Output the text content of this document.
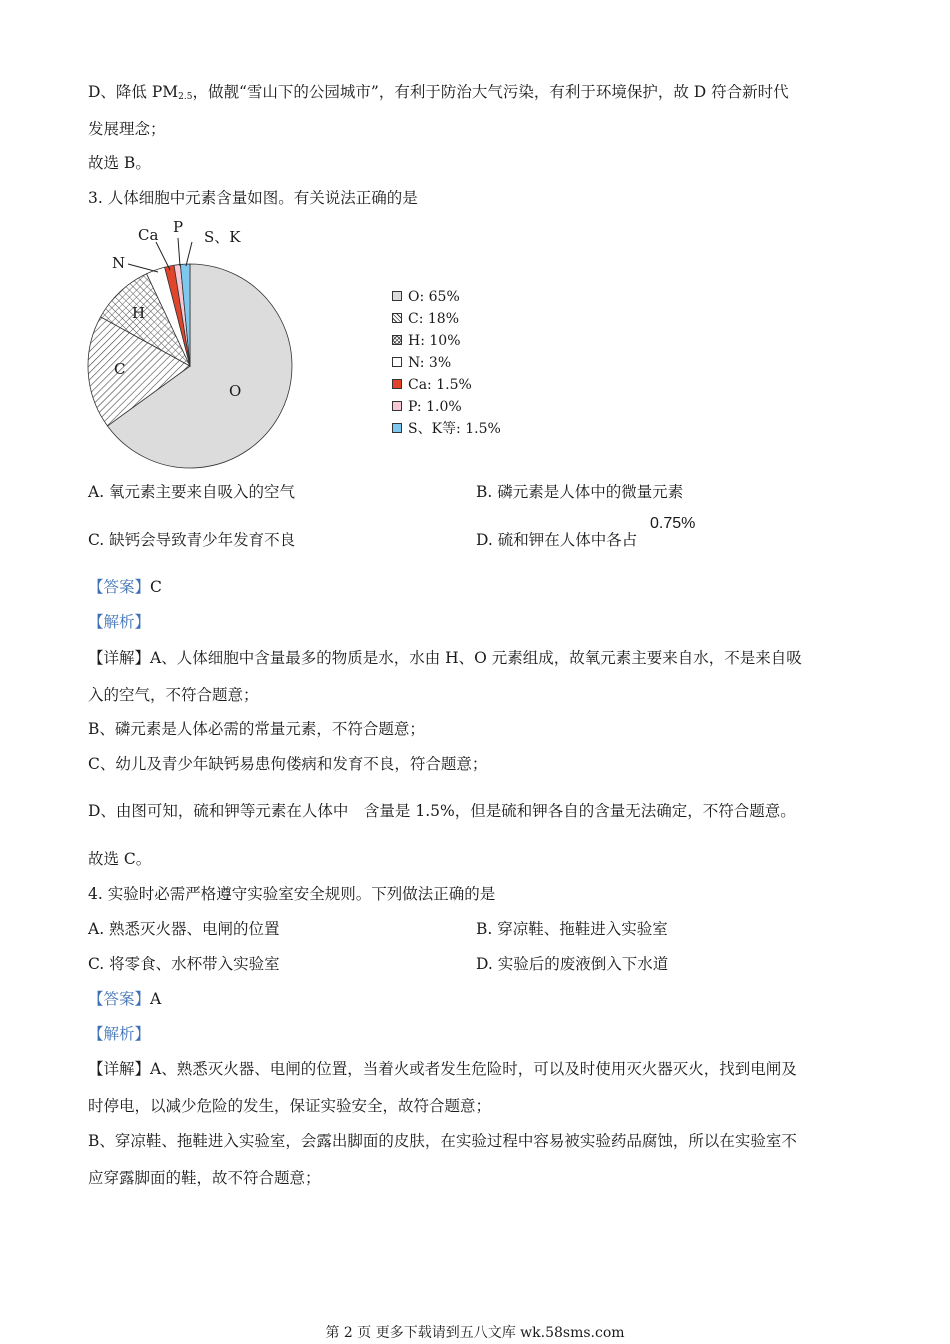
D、降低 $PM_{2.5}$，做靓“雪山下的公园城市”，有利于防治大气污染，有利于环境保护，故 D 符合新时代
发展理念；
故选 B。
3. 人体细胞中元素含量如图。有关说法正确的是
O
C
H
N
Ca P
S、K
O: 65%
C: 18%
H: 10%
N: 3%
Ca: 1.5%
P: 1.0%
S、K等: 1.5%
A. 氧元素主要来自吸入的空气	B. 磷元素是人体中的微量元素
C. 缺钙会导致青少年发育不良	D. 硫和钾在人体中各占
0.75%
【答案】C
【解析】
【详解】A、人体细胞中含量最多的物质是水，水由 H、O 元素组成，故氧元素主要来自水，不是来自吸
入的空气，不符合题意；
B、磷元素是人体必需的常量元素，不符合题意；
C、幼儿及青少年缺钙易患佝偻病和发育不良，符合题意；
D、由图可知，硫和钾等元素在人体中　含量是 1.5%，但是硫和钾各自的含量无法确定，不符合题意。
故选 C。
4. 实验时必需严格遵守实验室安全规则。下列做法正确的是
A. 熟悉灭火器、电闸的位置	B. 穿凉鞋、拖鞋进入实验室
C. 将零食、水杯带入实验室	D. 实验后的废液倒入下水道
【答案】A
【解析】
【详解】A、熟悉灭火器、电闸的位置，当着火或者发生危险时，可以及时使用灭火器灭火，找到电闸及
时停电，以减少危险的发生，保证实验安全，故符合题意；
B、穿凉鞋、拖鞋进入实验室，会露出脚面的皮肤，在实验过程中容易被实验药品腐蚀，所以在实验室不
应穿露脚面的鞋，故不符合题意；
第 2 页 更多下载请到五八文库 wk.58sms.com
